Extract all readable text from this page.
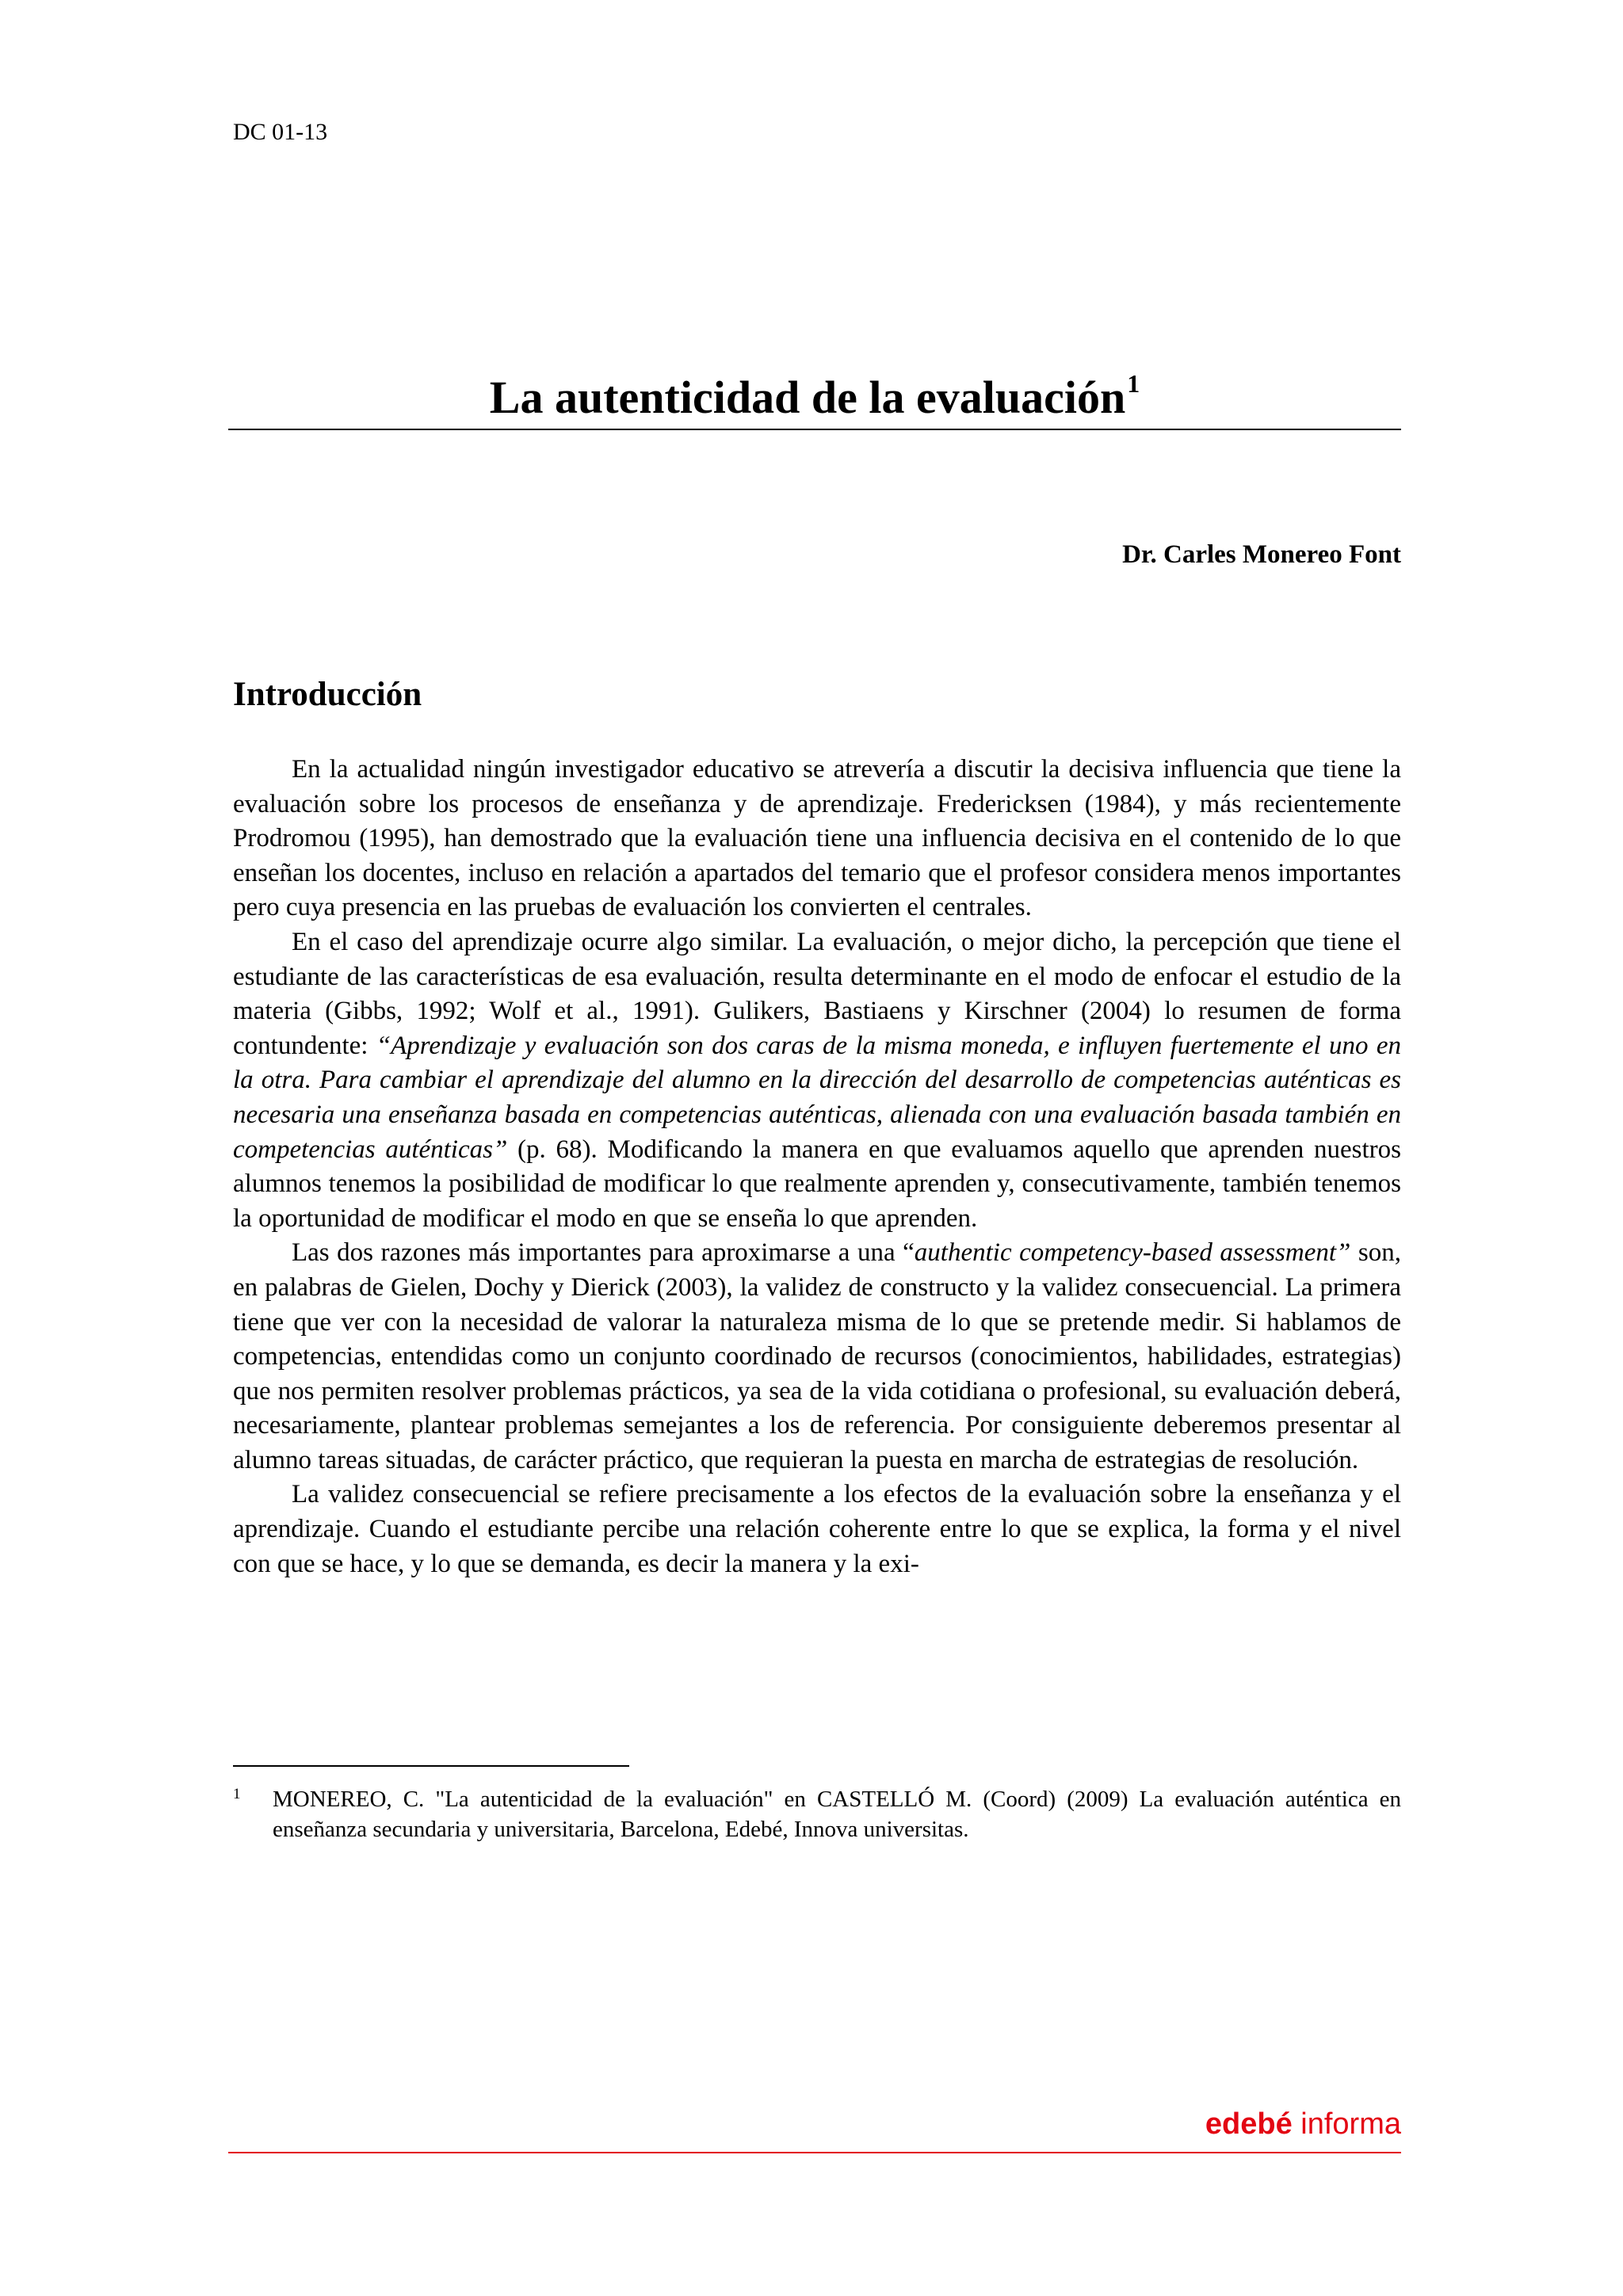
DC 01-13
La autenticidad de la evaluación$^1$
Dr. Carles Monereo Font
Introducción

En la actualidad ningún investigador educativo se atrevería a discutir la decisiva influencia que tiene la evaluación sobre los procesos de enseñanza y de aprendizaje. Fredericksen (1984), y más recientemente Prodromou (1995), han demostrado que la evaluación tiene una influencia decisiva en el contenido de lo que enseñan los docentes, incluso en relación a apartados del temario que el profesor considera menos importantes pero cuya presencia en las pruebas de evaluación los convierten el centrales.

En el caso del aprendizaje ocurre algo similar. La evaluación, o mejor dicho, la percepción que tiene el estudiante de las características de esa evaluación, resulta determinante en el modo de enfocar el estudio de la materia (Gibbs, 1992; Wolf et al., 1991). Gulikers, Bastiaens y Kirschner (2004) lo resumen de forma contundente: “Aprendizaje y evaluación son dos caras de la misma moneda, e influyen fuertemente el uno en la otra. Para cambiar el aprendizaje del alumno en la dirección del desarrollo de competencias auténticas es necesaria una enseñanza basada en competencias auténticas, alienada con una evaluación basada también en competencias auténticas” (p. 68). Modificando la manera en que evaluamos aquello que aprenden nuestros alumnos tenemos la posibilidad de modificar lo que realmente aprenden y, consecutivamente, también tenemos la oportunidad de modificar el modo en que se enseña lo que aprenden.

Las dos razones más importantes para aproximarse a una “authentic competency-based assessment” son, en palabras de Gielen, Dochy y Dierick (2003), la validez de constructo y la validez consecuencial. La primera tiene que ver con la necesidad de valorar la naturaleza misma de lo que se pretende medir. Si hablamos de competencias, entendidas como un conjunto coordinado de recursos (conocimientos, habilidades, estrategias) que nos permiten resolver problemas prácticos, ya sea de la vida cotidiana o profesional, su evaluación deberá, necesariamente, plantear problemas semejantes a los de referencia. Por consiguiente deberemos presentar al alumno tareas situadas, de carácter práctico, que requieran la puesta en marcha de estrategias de resolución.

La validez consecuencial se refiere precisamente a los efectos de la evaluación sobre la enseñanza y el aprendizaje. Cuando el estudiante percibe una relación coherente entre lo que se explica, la forma y el nivel con que se hace, y lo que se demanda, es decir la manera y la exi-

1	MONEREO, C. "La autenticidad de la evaluación" en CASTELLÓ M. (Coord) (2009) La evaluación auténtica en enseñanza secundaria y universitaria, Barcelona, Edebé, Innova universitas.
edebé informa
